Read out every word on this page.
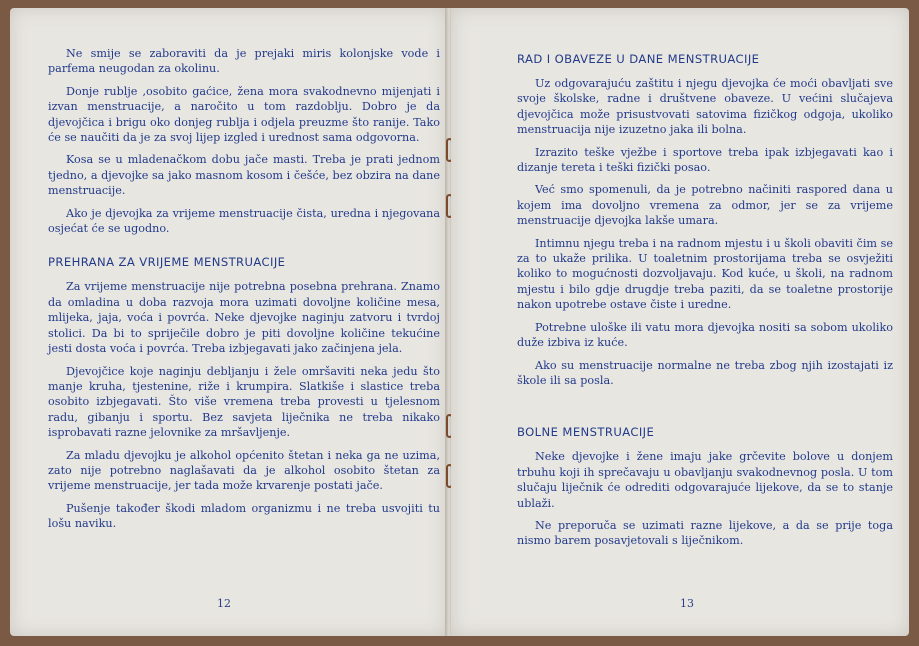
Ne smije se zaboraviti da je prejaki miris kolonjske vode i parfema neugodan za okolinu.

Donje rublje ,osobito gaćice, žena mora svakodnevno mijenjati i izvan menstruacije, a naročito u tom razdoblju. Dobro je da djevojčica i brigu oko donjeg rublja i odjela preuzme što ranije. Tako će se naučiti da je za svoj lijep izgled i urednost sama odgovorna.

Kosa se u mladenačkom dobu jače masti. Treba je prati jednom tjedno, a djevojke sa jako masnom kosom i češće, bez obzira na dane menstruacije.

Ako je djevojka za vrijeme menstruacije čista, uredna i njegovana osjećat će se ugodno.

PREHRANA ZA VRIJEME MENSTRUACIJE

Za vrijeme menstruacije nije potrebna posebna prehrana. Znamo da omladina u doba razvoja mora uzimati dovoljne količine mesa, mlijeka, jaja, voća i povrća. Neke djevojke naginju zatvoru i tvrdoj stolici. Da bi to spriječile dobro je piti dovoljne količine tekućine jesti dosta voća i povrća. Treba izbjegavati jako začinjena jela.

Djevojčice koje naginju debljanju i žele omršaviti neka jedu što manje kruha, tjestenine, riže i krumpira. Slatkiše i slastice treba osobito izbjegavati. Što više vremena treba provesti u tjelesnom radu, gibanju i sportu. Bez savjeta liječnika ne treba nikako isprobavati razne jelovnike za mršavljenje.

Za mladu djevojku je alkohol općenito štetan i neka ga ne uzima, zato nije potrebno naglašavati da je alkohol osobito štetan za vrijeme menstruacije, jer tada može krvarenje postati jače.

Pušenje također škodi mladom organizmu i ne treba usvojiti tu lošu naviku.

12
RAD I OBAVEZE U DANE MENSTRUACIJE

Uz odgovarajuću zaštitu i njegu djevojka će moći obavljati sve svoje školske, radne i društvene obaveze. U većini slučajeva djevojčica može prisustvovati satovima fizičkog odgoja, ukoliko menstruacija nije izuzetno jaka ili bolna.

Izrazito teške vježbe i sportove treba ipak izbjegavati kao i dizanje tereta i teški fizički posao.

Već smo spomenuli, da je potrebno načiniti raspored dana u kojem ima dovoljno vremena za odmor, jer se za vrijeme menstruacije djevojka lakše umara.

Intimnu njegu treba i na radnom mjestu i u školi obaviti čim se za to ukaže prilika. U toaletnim prostorijama treba se osvježiti koliko to mogućnosti dozvoljavaju. Kod kuće, u školi, na radnom mjestu i bilo gdje drugdje treba paziti, da se toaletne prostorije nakon upotrebe ostave čiste i uredne.

Potrebne uloške ili vatu mora djevojka nositi sa sobom ukoliko duže izbiva iz kuće.

Ako su menstruacije normalne ne treba zbog njih izostajati iz škole ili sa posla.

BOLNE MENSTRUACIJE

Neke djevojke i žene imaju jake grčevite bolove u donjem trbuhu koji ih sprečavaju u obavljanju svakodnevnog posla. U tom slučaju liječnik će odrediti odgovarajuće lijekove, da se to stanje ublaži.

Ne preporuča se uzimati razne lijekove, a da se prije toga nismo barem posavjetovali s liječnikom.

13
